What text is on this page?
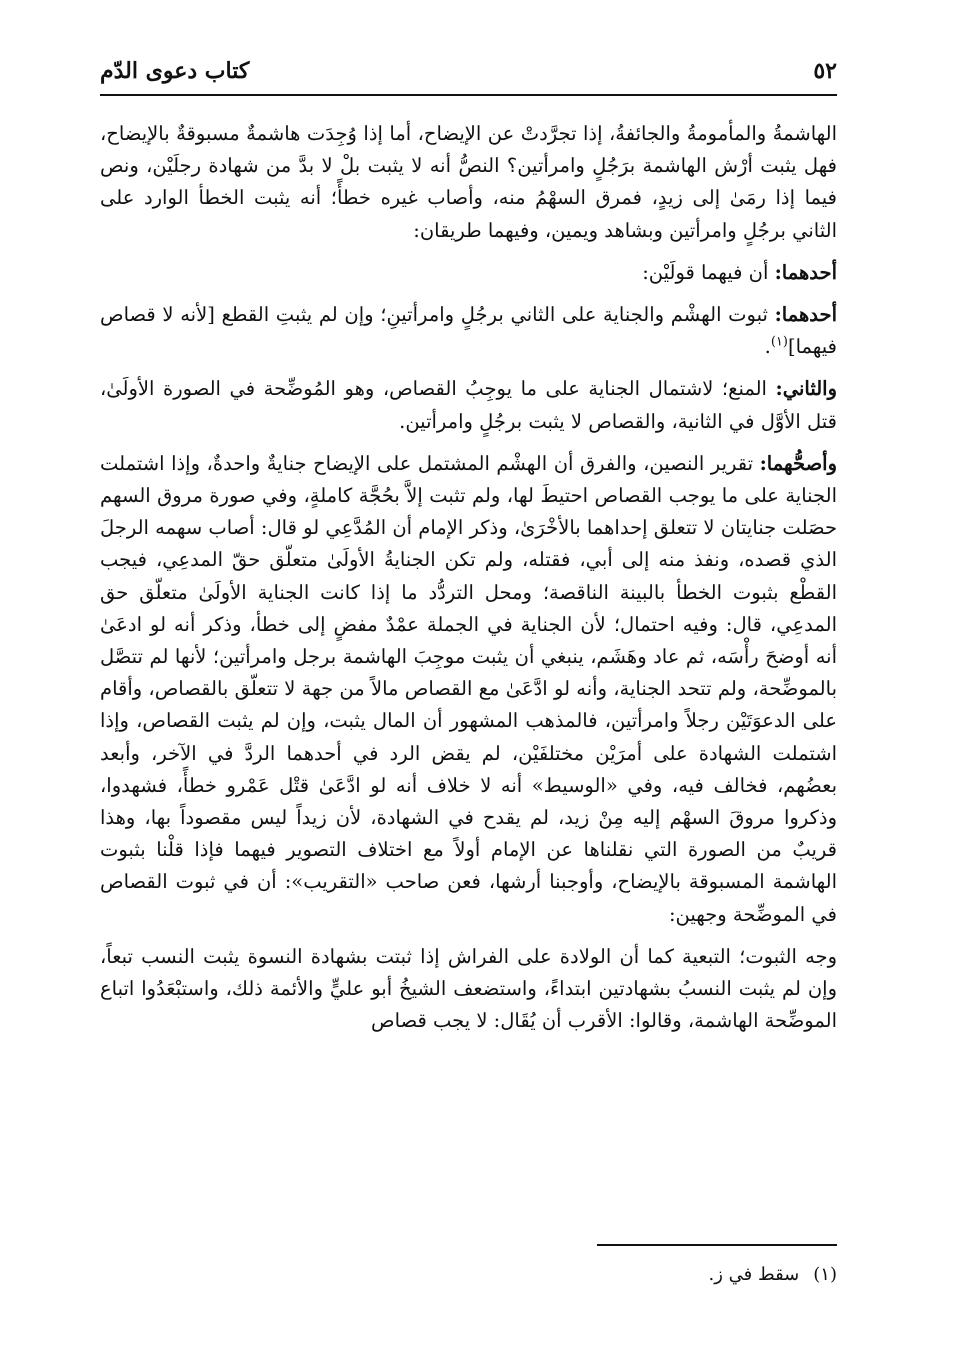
٥٢
كتاب دعوى الدّم

الهاشمةُ والمأمومةُ والجائفةُ، إذا تجرَّدتْ عن الإيضاح، أما إذا وُجِدَت هاشمةٌ مسبوقةٌ بالإيضاح، فهل يثبت أرْش الهاشمة برَجُلٍ وامرأتين؟ النصُّ أنه لا يثبت بلْ لا بدَّ من شهادة رجلَيْن، ونص فيما إذا رمَىٰ إلى زيدٍ، فمرق السهْمُ منه، وأصاب غيره خطأً؛ أنه يثبت الخطأ الوارد على الثاني برجُلٍ وامرأتين وبشاهد ويمين، وفيهما طريقان:

أحدهما: أن فيهما قولَيْن:

أحدهما: ثبوت الهشْم والجناية على الثاني برجُلٍ وامرأتينِ؛ وإن لم يثبتِ القطع [لأنه لا قصاص فيهما]$^{(١)}$.

والثاني: المنع؛ لاشتمال الجناية على ما يوجِبُ القصاص، وهو المُوضِّحة في الصورة الأولَىٰ، قتل الأوَّل في الثانية، والقصاص لا يثبت برجُلٍ وامرأتين.

وأصحُّهما: تقرير النصين، والفرق أن الهشْم المشتمل على الإيضاح جنايةٌ واحدةٌ، وإذا اشتملت الجناية على ما يوجب القصاص احتيطَ لها، ولم تثبت إلاَّ بحُجَّة كاملةٍ، وفي صورة مروق السهم حصَلت جنايتان لا تتعلق إحداهما بالأخْرَىٰ، وذكر الإمام أن المُدَّعِي لو قال: أصاب سهمه الرجلَ الذي قصده، ونفذ منه إلى أبي، فقتله، ولم تكن الجنايةُ الأولَىٰ متعلّق حقّ المدعِي، فيجب القطْع بثبوت الخطأ بالبينة الناقصة؛ ومحل التردُّد ما إذا كانت الجناية الأولَىٰ متعلّق حق المدعِي، قال: وفيه احتمال؛ لأن الجناية في الجملة عمْدٌ مفضٍ إلى خطأ، وذكر أنه لو ادعَىٰ أنه أوضحَ رأْسَه، ثم عاد وهَشَم، ينبغي أن يثبت موجِبَ الهاشمة برجل وامرأتين؛ لأنها لم تتصَّل بالموضِّحة، ولم تتحد الجناية، وأنه لو ادَّعَىٰ مع القصاص مالاً من جهة لا تتعلّق بالقصاص، وأقام على الدعوَتَيْن رجلاً وامرأتين، فالمذهب المشهور أن المال يثبت، وإن لم يثبت القصاص، وإذا اشتملت الشهادة على أمرَيْن مختلفَيْن، لم يقض الرد في أحدهما الردَّ في الآخر، وأبعد بعضُهم، فخالف فيه، وفي «الوسيط» أنه لا خلاف أنه لو ادَّعَىٰ قتْل عَمْرو خطأً، فشهدوا، وذكروا مروقَ السهْم إليه مِنْ زيد، لم يقدح في الشهادة، لأن زيداً ليس مقصوداً بها، وهذا قريبٌ من الصورة التي نقلناها عن الإمام أولاً مع اختلاف التصوير فيهما فإذا قلْنا بثبوت الهاشمة المسبوقة بالإيضاح، وأوجبنا أرشها، فعن صاحب «التقريب»: أن في ثبوت القصاص في الموضِّحة وجهين:

وجه الثبوت؛ التبعية كما أن الولادة على الفراش إذا ثبتت بشهادة النسوة يثبت النسب تبعاً، وإن لم يثبت النسبُ بشهادتين ابتداءً، واستضعف الشيخُ أبو عليٍّ والأئمة ذلك، واستبْعَدُوا اتباع الموضِّحة الهاشمة، وقالوا: الأقرب أن يُقَال: لا يجب قصاص

(١)سقط في ز.
